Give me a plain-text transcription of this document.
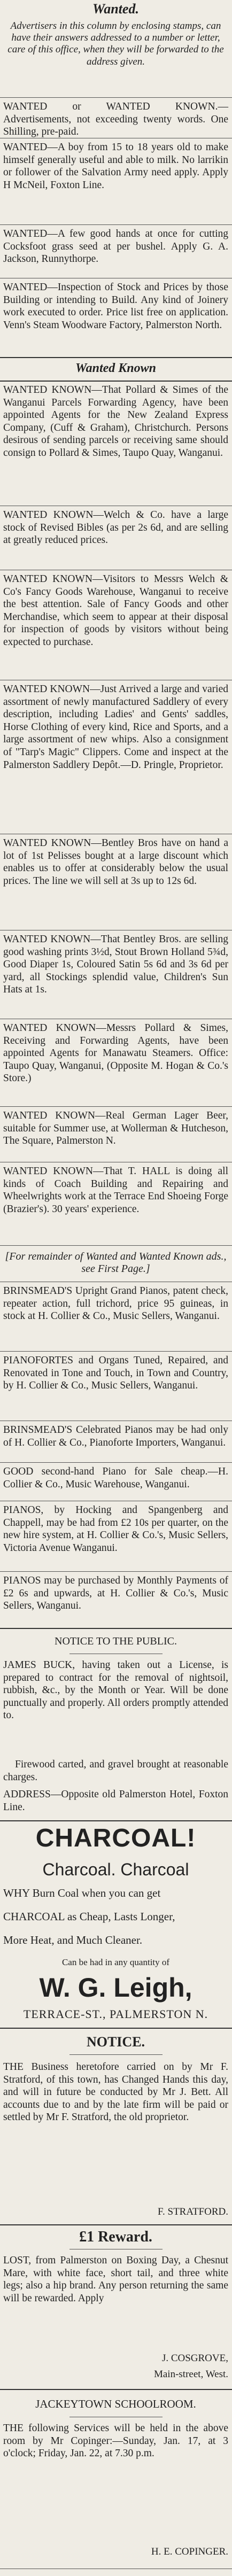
Wanted.
Advertisers in this column by enclosing stamps, can have their answers addressed to a number or letter, care of this office, when they will be forwarded to the address given.
WANTED or WANTED KNOWN.—Advertisements, not exceeding twenty words. One Shilling, pre-paid.
WANTED—A boy from 15 to 18 years old to make himself generally useful and able to milk. No larrikin or follower of the Salvation Army need apply. Apply H McNeil, Foxton Line.
WANTED—A few good hands at once for cutting Cocksfoot grass seed at per bushel. Apply G. A. Jackson, Runnythorpe.
WANTED—Inspection of Stock and Prices by those Building or intending to Build. Any kind of Joinery work executed to order. Price list free on application. Venn's Steam Woodware Factory, Palmerston North.
Wanted Known
WANTED KNOWN—That Pollard & Simes of the Wanganui Parcels Forwarding Agency, have been appointed Agents for the New Zealand Express Company, (Cuff & Graham), Christchurch. Persons desirous of sending parcels or receiving same should consign to Pollard & Simes, Taupo Quay, Wanganui.
WANTED KNOWN—Welch & Co. have a large stock of Revised Bibles (as per 2s 6d, and are selling at greatly reduced prices.
WANTED KNOWN—Visitors to Messrs Welch & Co's Fancy Goods Warehouse, Wanganui to receive the best attention. Sale of Fancy Goods and other Merchandise, which seem to appear at their disposal for inspection of goods by visitors without being expected to purchase.
WANTED KNOWN—Just Arrived a large and varied assortment of newly manufactured Saddlery of every description, including Ladies' and Gents' saddles, Horse Clothing of every kind, Rice and Sports, and a large assortment of new whips. Also a consignment of "Tarp's Magic" Clippers. Come and inspect at the Palmerston Saddlery Depôt.—D. Pringle, Proprietor.
WANTED KNOWN—Bentley Bros have on hand a lot of 1st Pelisses bought at a large discount which enables us to offer at considerably below the usual prices. The line we will sell at 3s up to 12s 6d.
WANTED KNOWN—That Bentley Bros. are selling good washing prints 3½d, Stout Brown Holland 5¾d, Good Diaper 1s, Coloured Satin 5s 6d and 3s 6d per yard, all Stockings splendid value, Children's Sun Hats at 1s.
WANTED KNOWN—Messrs Pollard & Simes, Receiving and Forwarding Agents, have been appointed Agents for Manawatu Steamers. Office: Taupo Quay, Wanganui, (Opposite M. Hogan & Co.'s Store.)
WANTED KNOWN—Real German Lager Beer, suitable for Summer use, at Wollerman & Hutcheson, The Square, Palmerston N.
WANTED KNOWN—That T. HALL is doing all kinds of Coach Building and Repairing and Wheelwrights work at the Terrace End Shoeing Forge (Brazier's). 30 years' experience.
[For remainder of Wanted and Wanted Known ads., see First Page.]
BRINSMEAD'S Upright Grand Pianos, patent check, repeater action, full trichord, price 95 guineas, in stock at H. Collier & Co., Music Sellers, Wanganui.
PIANOFORTES and Organs Tuned, Repaired, and Renovated in Tone and Touch, in Town and Country, by H. Collier & Co., Music Sellers, Wanganui.
BRINSMEAD'S Celebrated Pianos may be had only of H. Collier & Co., Pianoforte Importers, Wanganui.
GOOD second-hand Piano for Sale cheap.—H. Collier & Co., Music Warehouse, Wanganui.
PIANOS, by Hocking and Spangenberg and Chappell, may be had from £2 10s per quarter, on the new hire system, at H. Collier & Co.'s, Music Sellers, Victoria Avenue Wanganui.
PIANOS may be purchased by Monthly Payments of £2 6s and upwards, at H. Collier & Co.'s, Music Sellers, Wanganui.
NOTICE TO THE PUBLIC.
JAMES BUCK, having taken out a License, is prepared to contract for the removal of nightsoil, rubbish, &c., by the Month or Year. Will be done punctually and properly. All orders promptly attended to.
Firewood carted, and gravel brought at reasonable charges.
ADDRESS—Opposite old Palmerston Hotel, Foxton Line.
CHARCOAL!
Charcoal. Charcoal
WHY Burn Coal when you can get
CHARCOAL as Cheap, Lasts Longer,
More Heat, and Much Cleaner.
Can be had in any quantity of
W. G. Leigh,
TERRACE-ST., PALMERSTON N.
NOTICE.
THE Business heretofore carried on by Mr F. Stratford, of this town, has Changed Hands this day, and will in future be conducted by Mr J. Bett. All accounts due to and by the late firm will be paid or settled by Mr F. Stratford, the old proprietor.
F. STRATFORD.
£1 Reward.
LOST, from Palmerston on Boxing Day, a Chesnut Mare, with white face, short tail, and three white legs; also a hip brand. Any person returning the same will be rewarded. Apply
J. COSGROVE,
Main-street, West.
JACKEYTOWN SCHOOLROOM.
THE following Services will be held in the above room by Mr Copinger:—Sunday, Jan. 17, at 3 o'clock; Friday, Jan. 22, at 7.30 p.m.
H. E. COPINGER.
